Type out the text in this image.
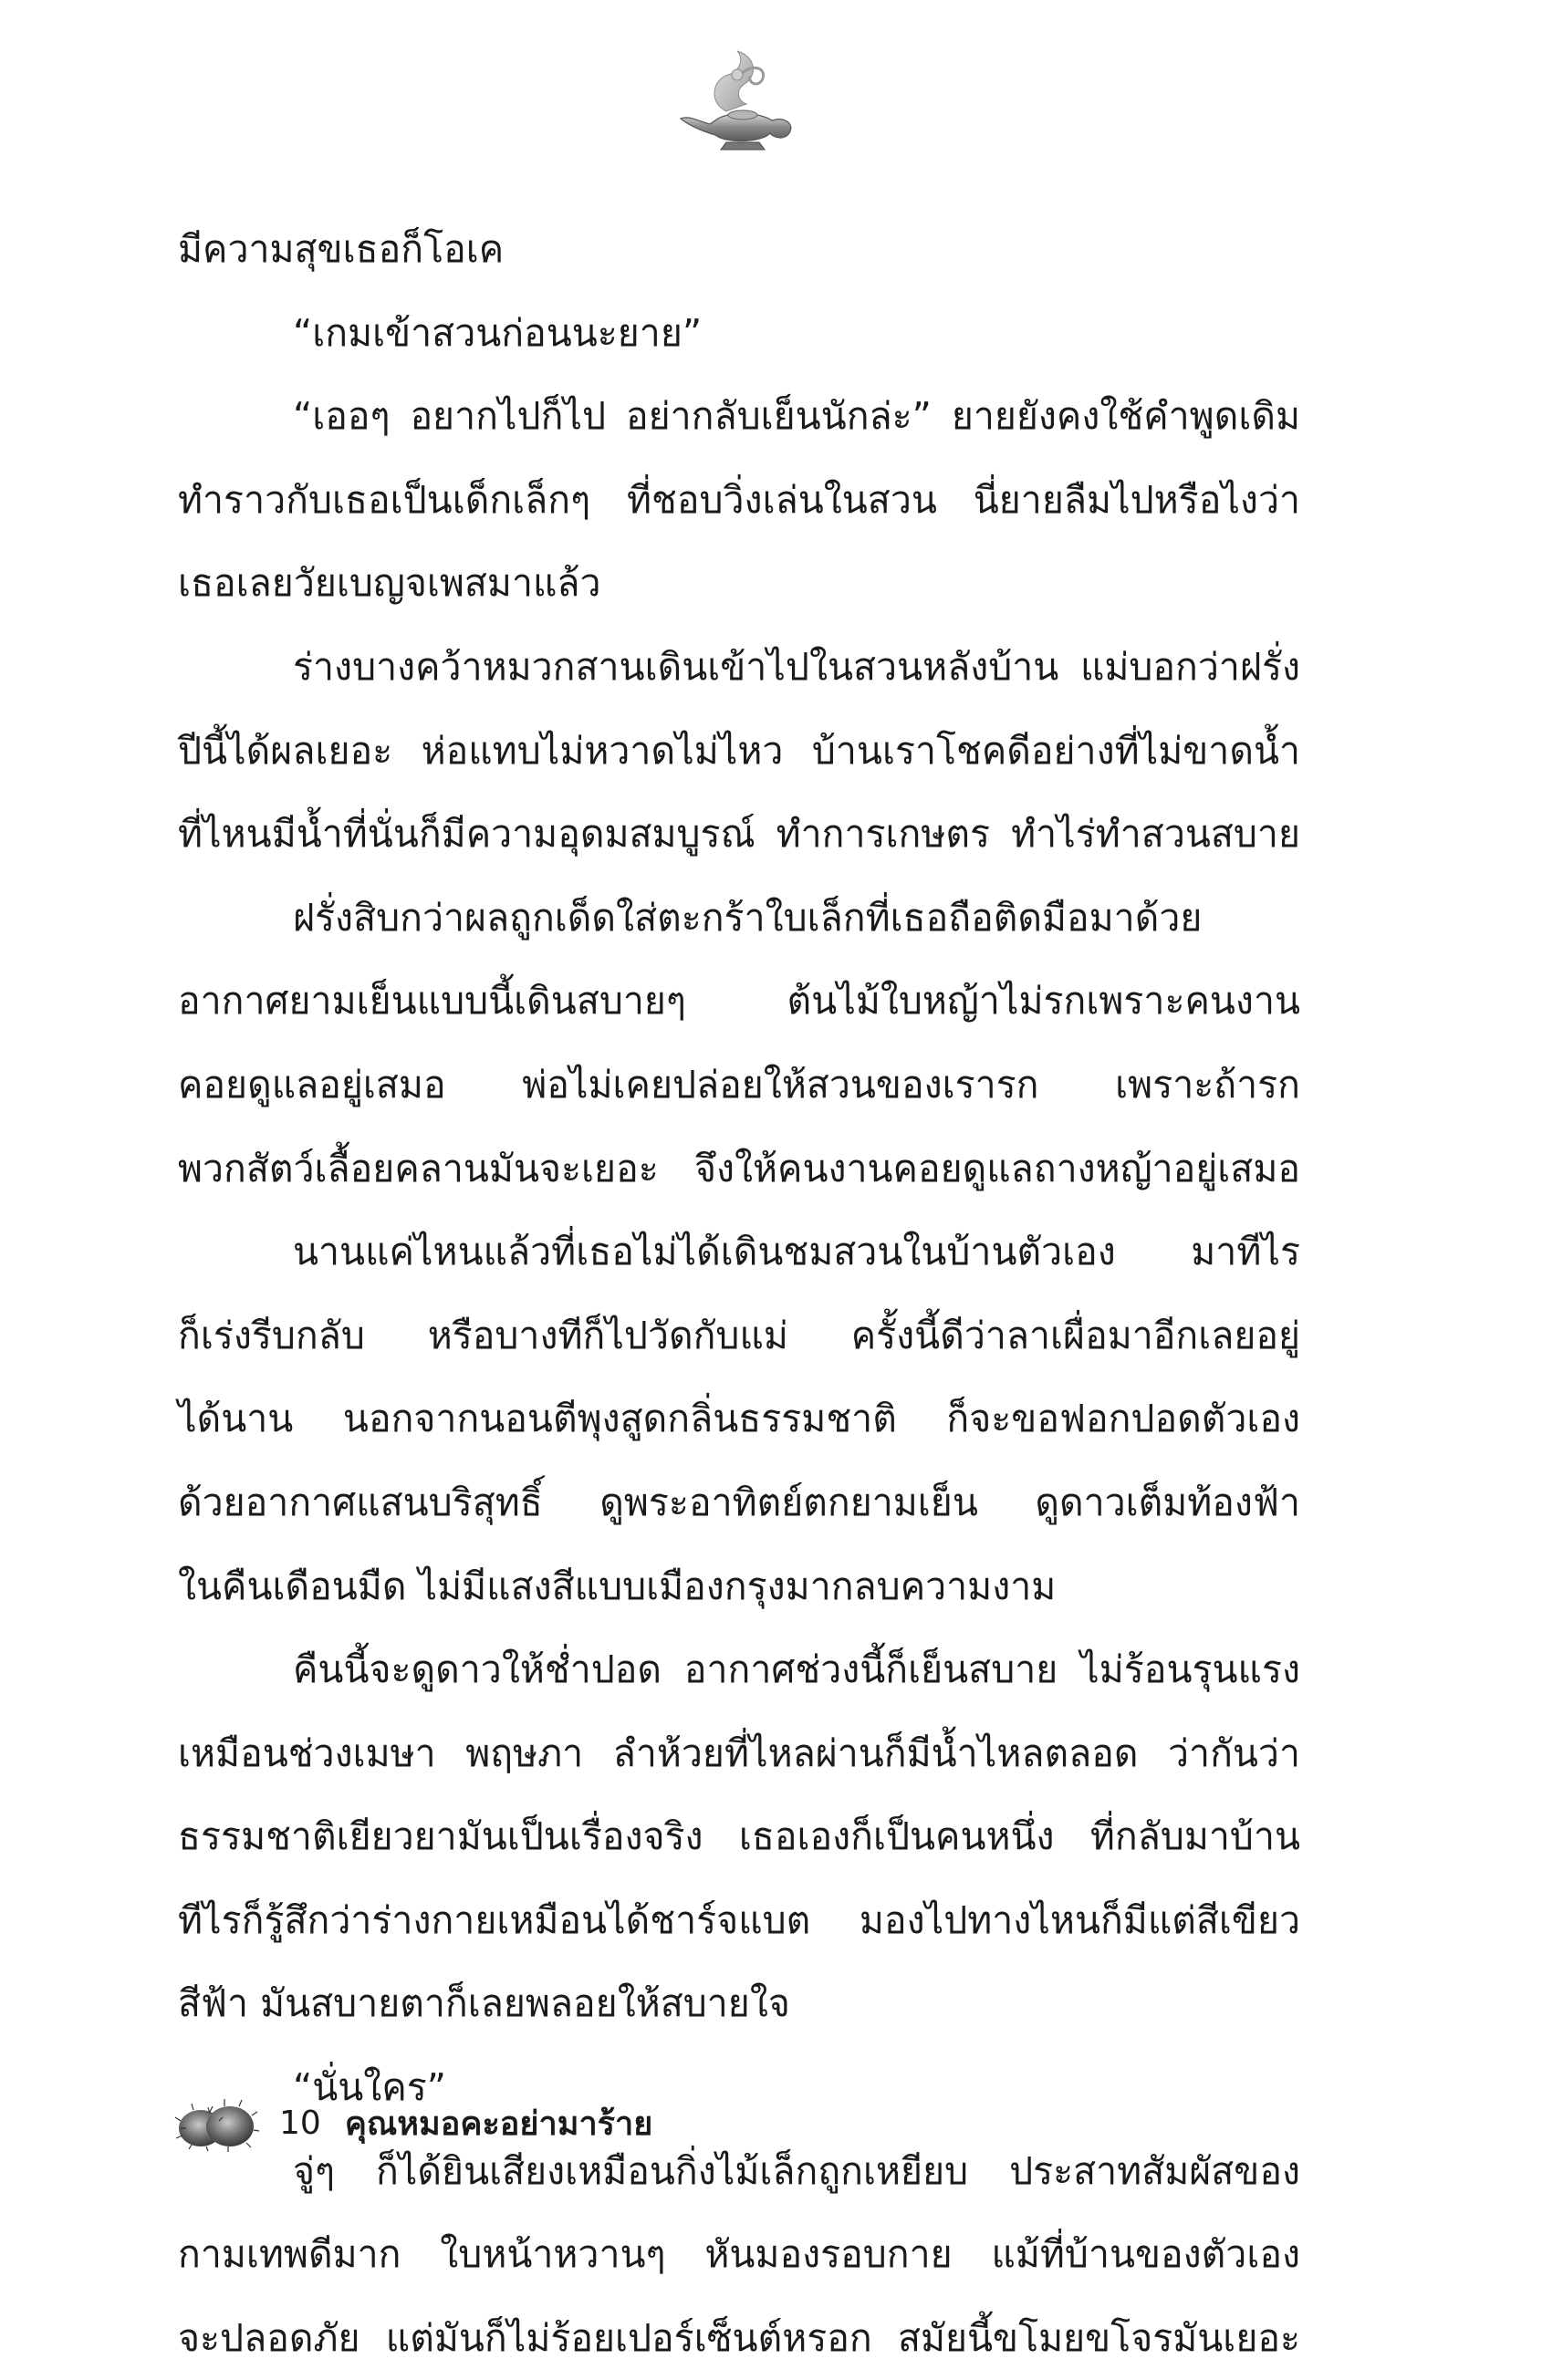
มีความสุขเธอก็โอเค
“เกมเข้าสวนก่อนนะยาย”
“เออๆ อยากไปก็ไป อย่ากลับเย็นนักล่ะ” ยายยังคงใช้คำพูดเดิม
ทำราวกับเธอเป็นเด็กเล็กๆ ที่ชอบวิ่งเล่นในสวน นี่ยายลืมไปหรือไงว่า
เธอเลยวัยเบญจเพสมาแล้ว
ร่างบางคว้าหมวกสานเดินเข้าไปในสวนหลังบ้าน แม่บอกว่าฝรั่ง
ปีนี้ได้ผลเยอะ ห่อแทบไม่หวาดไม่ไหว บ้านเราโชคดีอย่างที่ไม่ขาดน้ำ
ที่ไหนมีน้ำที่นั่นก็มีความอุดมสมบูรณ์ ทำการเกษตร ทำไร่ทำสวนสบาย
ฝรั่งสิบกว่าผลถูกเด็ดใส่ตะกร้าใบเล็กที่เธอถือติดมือมาด้วย
อากาศยามเย็นแบบนี้เดินสบายๆ	ต้นไม้ใบหญ้าไม่รกเพราะคนงาน
คอยดูแลอยู่เสมอ พ่อไม่เคยปล่อยให้สวนของเรารก เพราะถ้ารก
พวกสัตว์เลื้อยคลานมันจะเยอะ จึงให้คนงานคอยดูแลถางหญ้าอยู่เสมอ
นานแค่ไหนแล้วที่เธอไม่ได้เดินชมสวนในบ้านตัวเอง มาทีไร
ก็เร่งรีบกลับ หรือบางทีก็ไปวัดกับแม่ ครั้งนี้ดีว่าลาเผื่อมาอีกเลยอยู่
ได้นาน นอกจากนอนตีพุงสูดกลิ่นธรรมชาติ ก็จะขอฟอกปอดตัวเอง
ด้วยอากาศแสนบริสุทธิ์ ดูพระอาทิตย์ตกยามเย็น ดูดาวเต็มท้องฟ้า
ในคืนเดือนมืด ไม่มีแสงสีแบบเมืองกรุงมากลบความงาม
คืนนี้จะดูดาวให้ช่ำปอด อากาศช่วงนี้ก็เย็นสบาย ไม่ร้อนรุนแรง
เหมือนช่วงเมษา พฤษภา ลำห้วยที่ไหลผ่านก็มีน้ำไหลตลอด ว่ากันว่า
ธรรมชาติเยียวยามันเป็นเรื่องจริง เธอเองก็เป็นคนหนึ่ง ที่กลับมาบ้าน
ทีไรก็รู้สึกว่าร่างกายเหมือนได้ชาร์จแบต มองไปทางไหนก็มีแต่สีเขียว
สีฟ้า มันสบายตาก็เลยพลอยให้สบายใจ
“นั่นใคร”
จู่ๆ ก็ได้ยินเสียงเหมือนกิ่งไม้เล็กถูกเหยียบ ประสาทสัมผัสของ
กามเทพดีมาก ใบหน้าหวานๆ หันมองรอบกาย แม้ที่บ้านของตัวเอง
จะปลอดภัย แต่มันก็ไม่ร้อยเปอร์เซ็นต์หรอก สมัยนี้ขโมยขโจรมันเยอะ
10 คุณหมอคะอย่ามาร้าย
